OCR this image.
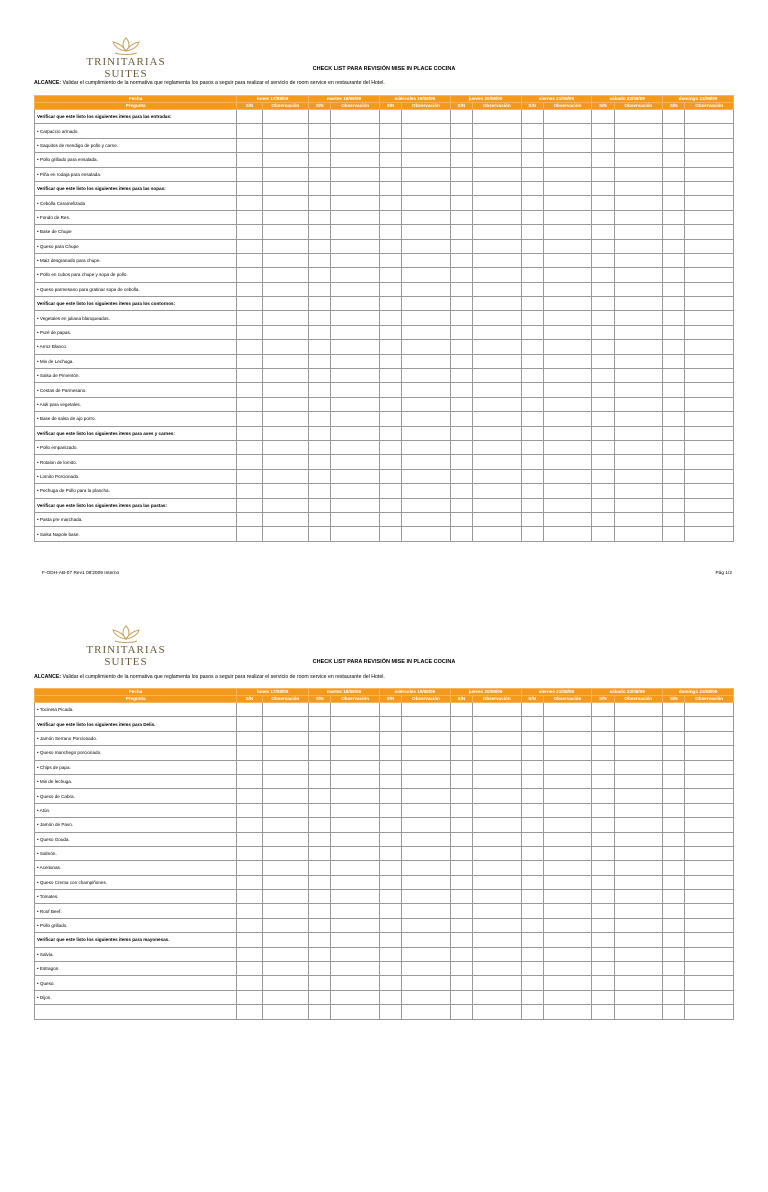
TRINITARIAS
SUITES	CHECK LIST PARA REVISIÓN MISE IN PLACE COCINA
ALCANCE: Validar el cumplimiento de la normativa que reglamenta los pasos a seguir para realizar el servicio de room service en restaurante del Hotel.
Fecha	lunes 17/08/09		martes 18/08/09		miércoles 19/08/09		jueves 20/08/09		viernes 21/08/09		sábado 22/08/09		domingo 23/08/09	
Pregunta	S/N	Observación	S/N	Observación	S/N	Observación	S/N	Observación	S/N	Observación	S/N	Observación	S/N	Observación
Verificar que este listo los siguientes items para las entradas:														
• Carpaccio armado.														
• Saquitos de mendigo de pollo y carne.														
• Pollo grillado para ensalada.														
• Piña en rodaja para ensalada.														
Verificar que este listo los siguientes items para las sopas:														
• Cebolla Caramelizada														
• Fondo de Res.														
• Base de Chupe														
• Queso para Chupe														
• Maiz desgranado para chupe.														
• Pollo en cubos para chupe y sopa de pollo.														
• Queso parmesano para gratinar sopa de cebolla.														
Verificar que este listo los siguientes items para los contornos:														
• Vegetales en juliana blanqueados.														
• Puré de papas.														
• Arroz Blanco.														
• Mix de Lechuga.														
• Salsa de Pimentón.														
• Cestas de Parmesano.														
• Aioli para vegetales.														
• Base de salsa de ajo porro.														
Verificar que este listo los siguientes items para aves y carnes:														
• Pollo empanizado.														
• Rotalon de lomito.														
• Lomito Porcionado.														
• Pechuga de Pollo para la plancha.														
Verificar que este listo los siguientes items para las pastas:														
• Pasta pre marchada.														
• Salsa Napole base.														
F-ODH-AB-07 Rev1 08'2009 Interno	Pág 1/2
TRINITARIAS
SUITES	CHECK LIST PARA REVISIÓN MISE IN PLACE COCINA
ALCANCE: Validar el cumplimiento de la normativa que reglamenta los pasos a seguir para realizar el servicio de room service en restaurante del Hotel.
Fecha	lunes 17/08/09		martes 18/08/09		miércoles 19/08/09		jueves 20/08/09		viernes 21/08/09		sábado 22/08/09		domingo 23/08/09	
Pregunta	S/N	Observación	S/N	Observación	S/N	Observación	S/N	Observación	S/N	Observación	S/N	Observación	S/N	Observación
• Tocineta Picada.														
Verificar que este listo los siguientes items para Delis.														
• Jamón Serrano Porcionado.														
• Queso manchego porcionado.														
• Chips de papa.														
• Mix de lechuga.														
• Queso de Cabra.														
• Atún.														
• Jamón de Pavo.														
• Queso Gouda.														
• Salmón.														
• Aceitunas.														
• Queso Crema con champiñones.														
• Tomates.														
• Roof Beef.														
• Pollo grillado.														
Verificar que este listo los siguientes items para mayonesas.														
• Salvia.														
• Estragon.														
• Queso.														
• Dijon.														
